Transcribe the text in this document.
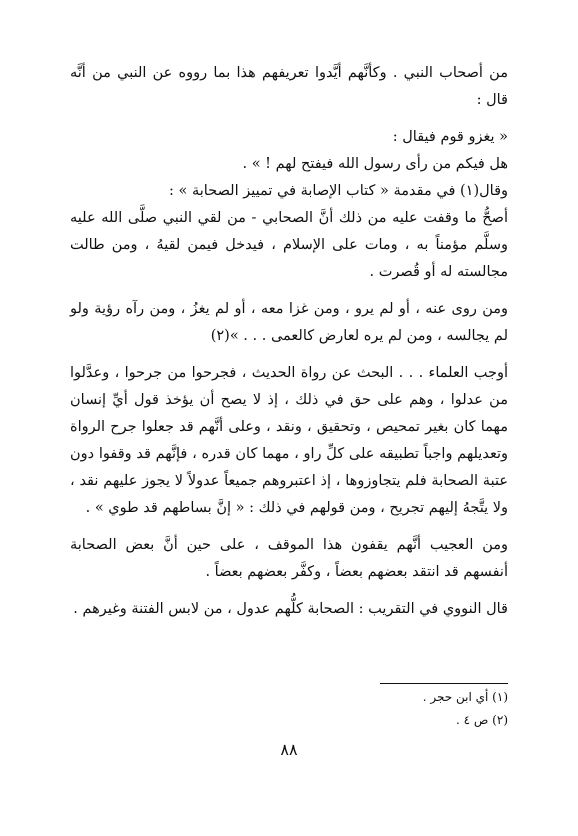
من أصحاب النبي . وكأنَّهم أيَّدوا تعريفهم هذا بما رووه عن النبي من أنَّه قال :

« يغزو قوم فيقال :

هل فيكم من رأى رسول الله فيفتح لهم ! » .

وقال(١) في مقدمة « كتاب الإصابة في تمييز الصحابة » :

أصحُّ ما وقفت عليه من ذلك أنَّ الصحابي - من لقي النبي صلَّى الله عليه وسلَّم مؤمناً به ، ومات على الإسلام ، فيدخل فيمن لقيهُ ، ومن طالت مجالسته له أو قُصرت .

ومن روى عنه ، أو لم يرو ، ومن غزا معه ، أو لم يغزُ ، ومن رآه رؤية ولو لم يجالسه ، ومن لم يره لعارض كالعمى . . . »(٢)

أوجب العلماء . . . البحث عن رواة الحديث ، فجرحوا من جرحوا ، وعدَّلوا من عدلوا ، وهم على حق في ذلك ، إذ لا يصح أن يؤخذ قول أيِّ إنسان مهما كان بغير تمحيص ، وتحقيق ، ونقد ، وعلى أنَّهم قد جعلوا جرح الرواة وتعديلهم واجباً تطبيقه على كلِّ راو ، مهما كان قدره ، فإنَّهم قد وقفوا دون عتبة الصحابة فلم يتجاوزوها ، إذ اعتبروهم جميعاً عدولاً لا يجوز عليهم نقد ، ولا يتَّجهُ إليهم تجريح ، ومن قولهم في ذلك : « إنَّ بساطهم قد طوي » .

ومن العجيب أنَّهم يقفون هذا الموقف ، على حين أنَّ بعض الصحابة أنفسهم قد انتقد بعضهم بعضاً ، وكفَّر بعضهم بعضاً .

قال النووي في التقريب : الصحابة كلُّهم عدول ، من لابس الفتنة وغيرهم .

(١) أي ابن حجر .

(٢) ص ٤ .

٨٨
